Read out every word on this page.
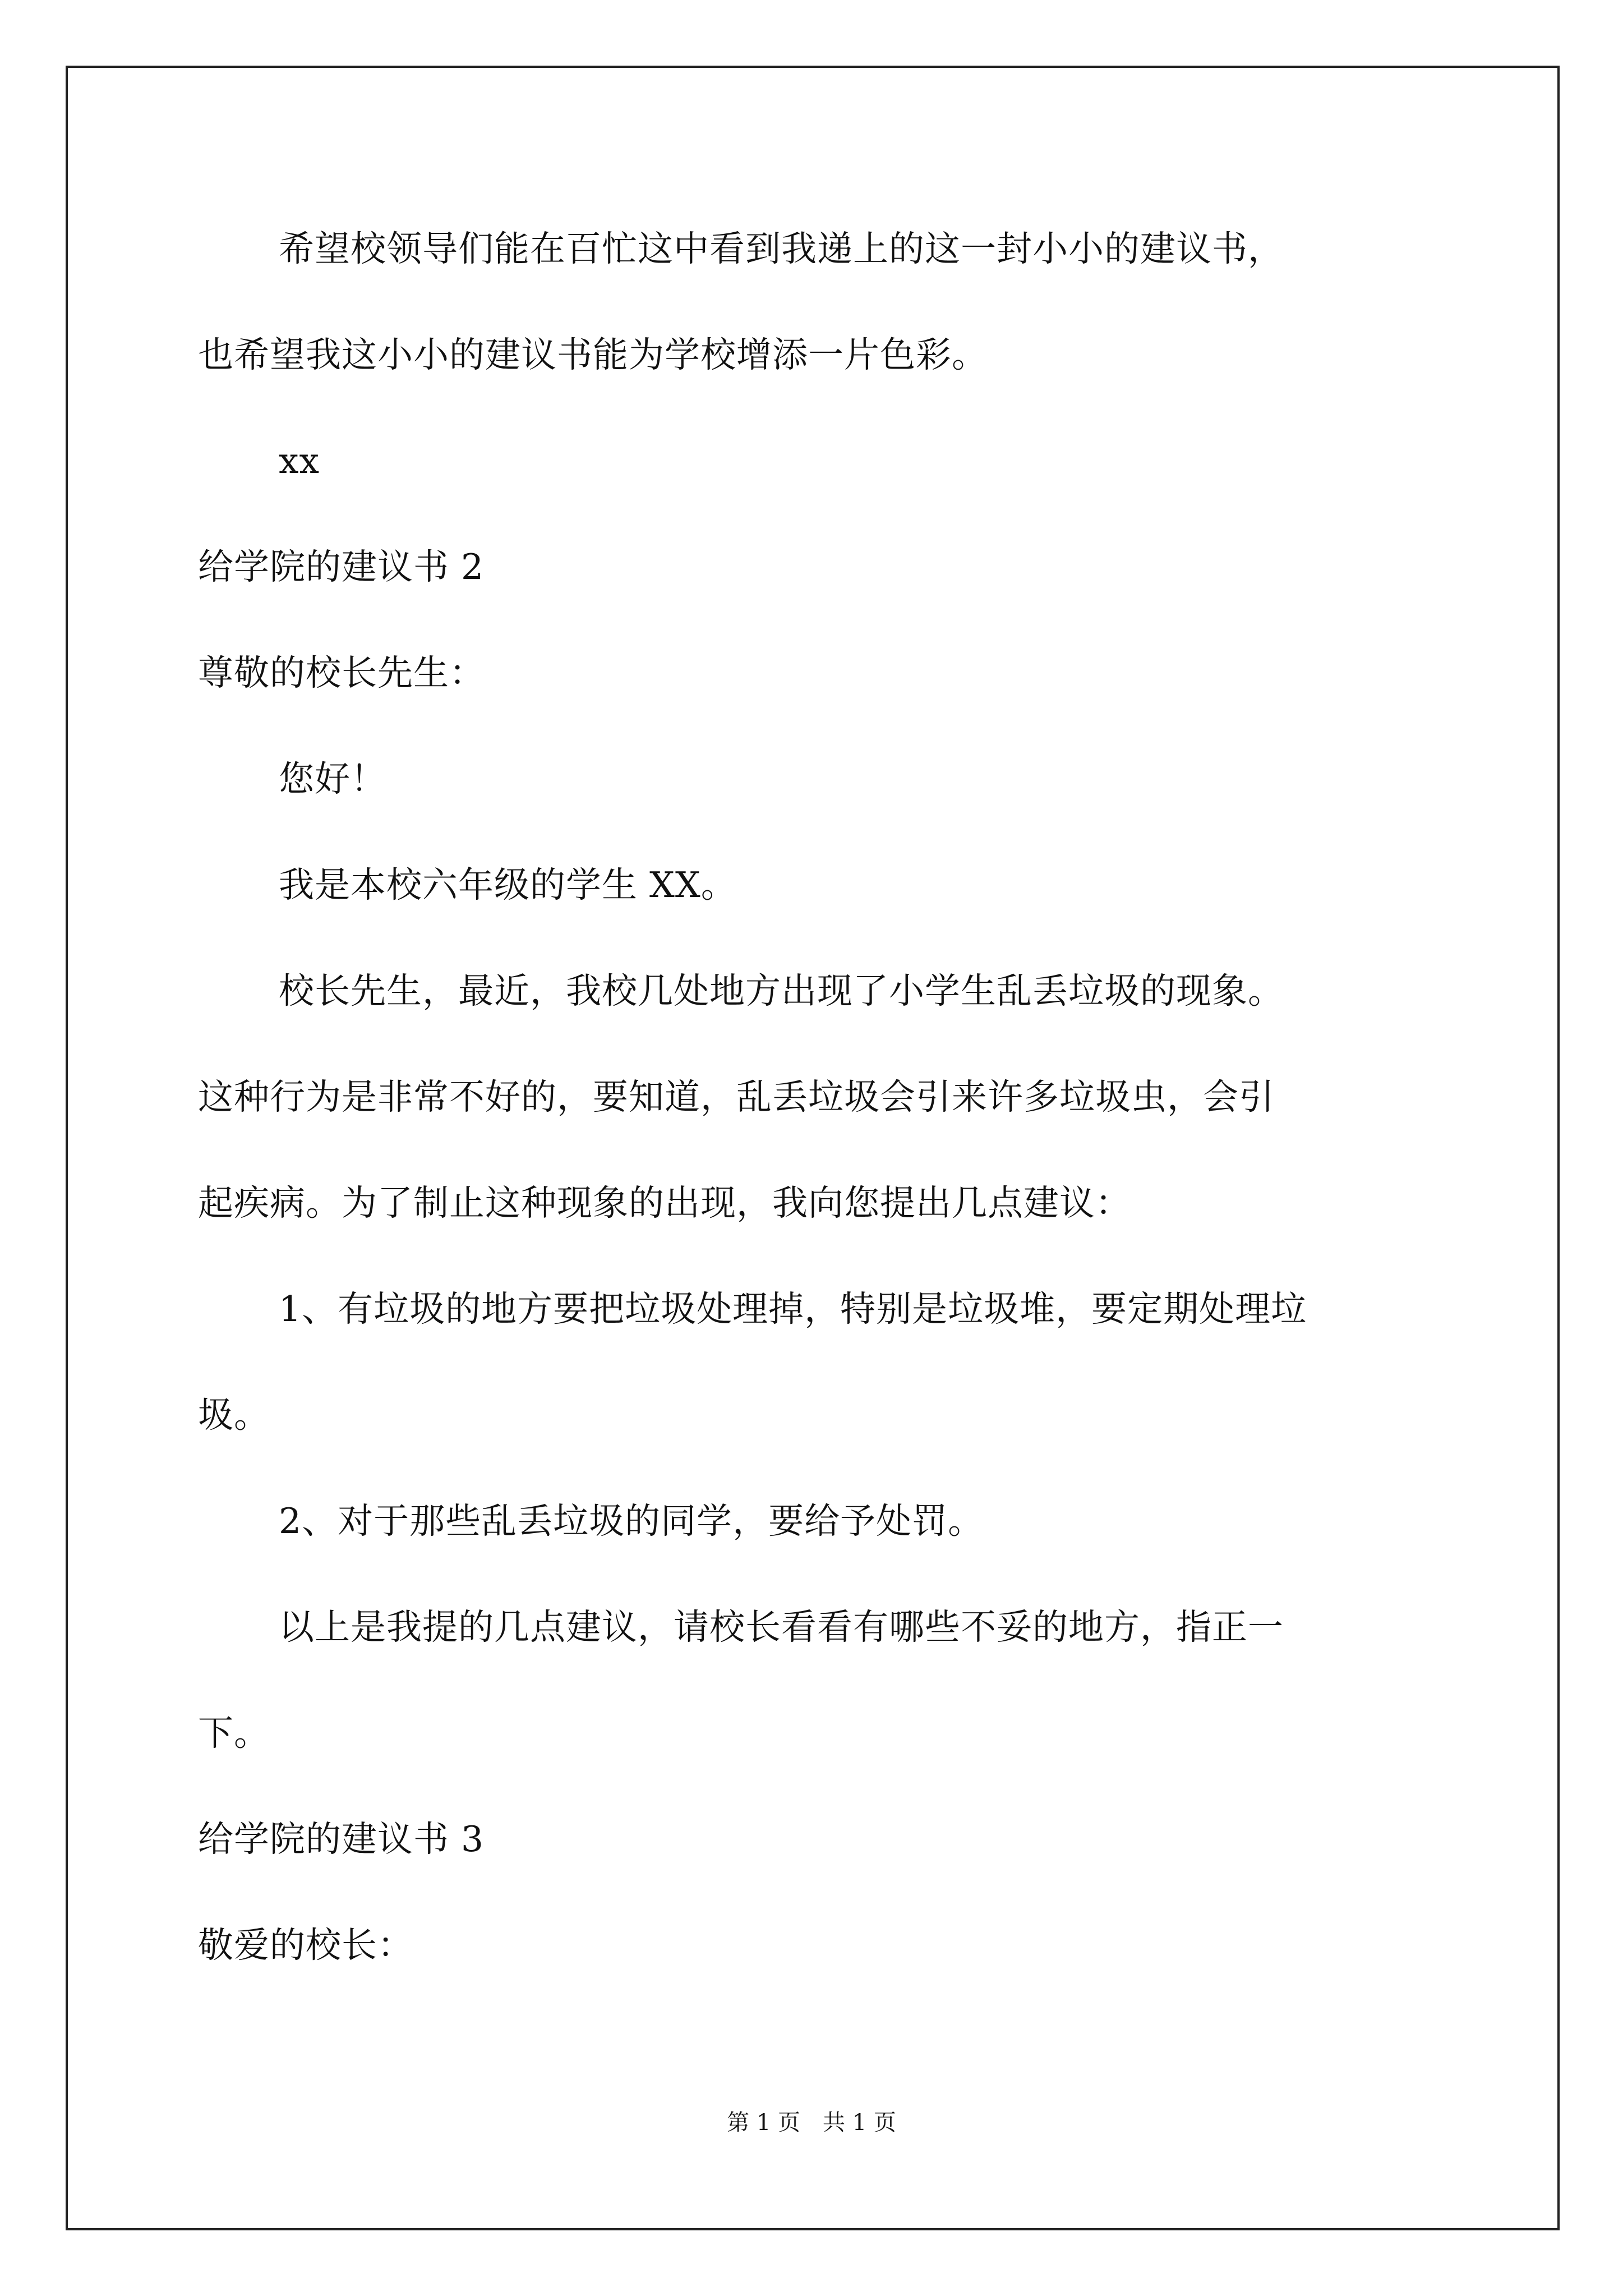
希望校领导们能在百忙这中看到我递上的这一封小小的建议书，
也希望我这小小的建议书能为学校增添一片色彩。
xx
给学院的建议书 2
尊敬的校长先生：
您好！
我是本校六年级的学生 XX。
校长先生，最近，我校几处地方出现了小学生乱丢垃圾的现象。
这种行为是非常不好的，要知道，乱丢垃圾会引来许多垃圾虫，会引
起疾病。为了制止这种现象的出现，我向您提出几点建议：
1、有垃圾的地方要把垃圾处理掉，特别是垃圾堆，要定期处理垃
圾。
2、对于那些乱丢垃圾的同学，要给予处罚。
以上是我提的几点建议，请校长看看有哪些不妥的地方，指正一
下。
给学院的建议书 3
敬爱的校长：
第 1 页 共 1 页
